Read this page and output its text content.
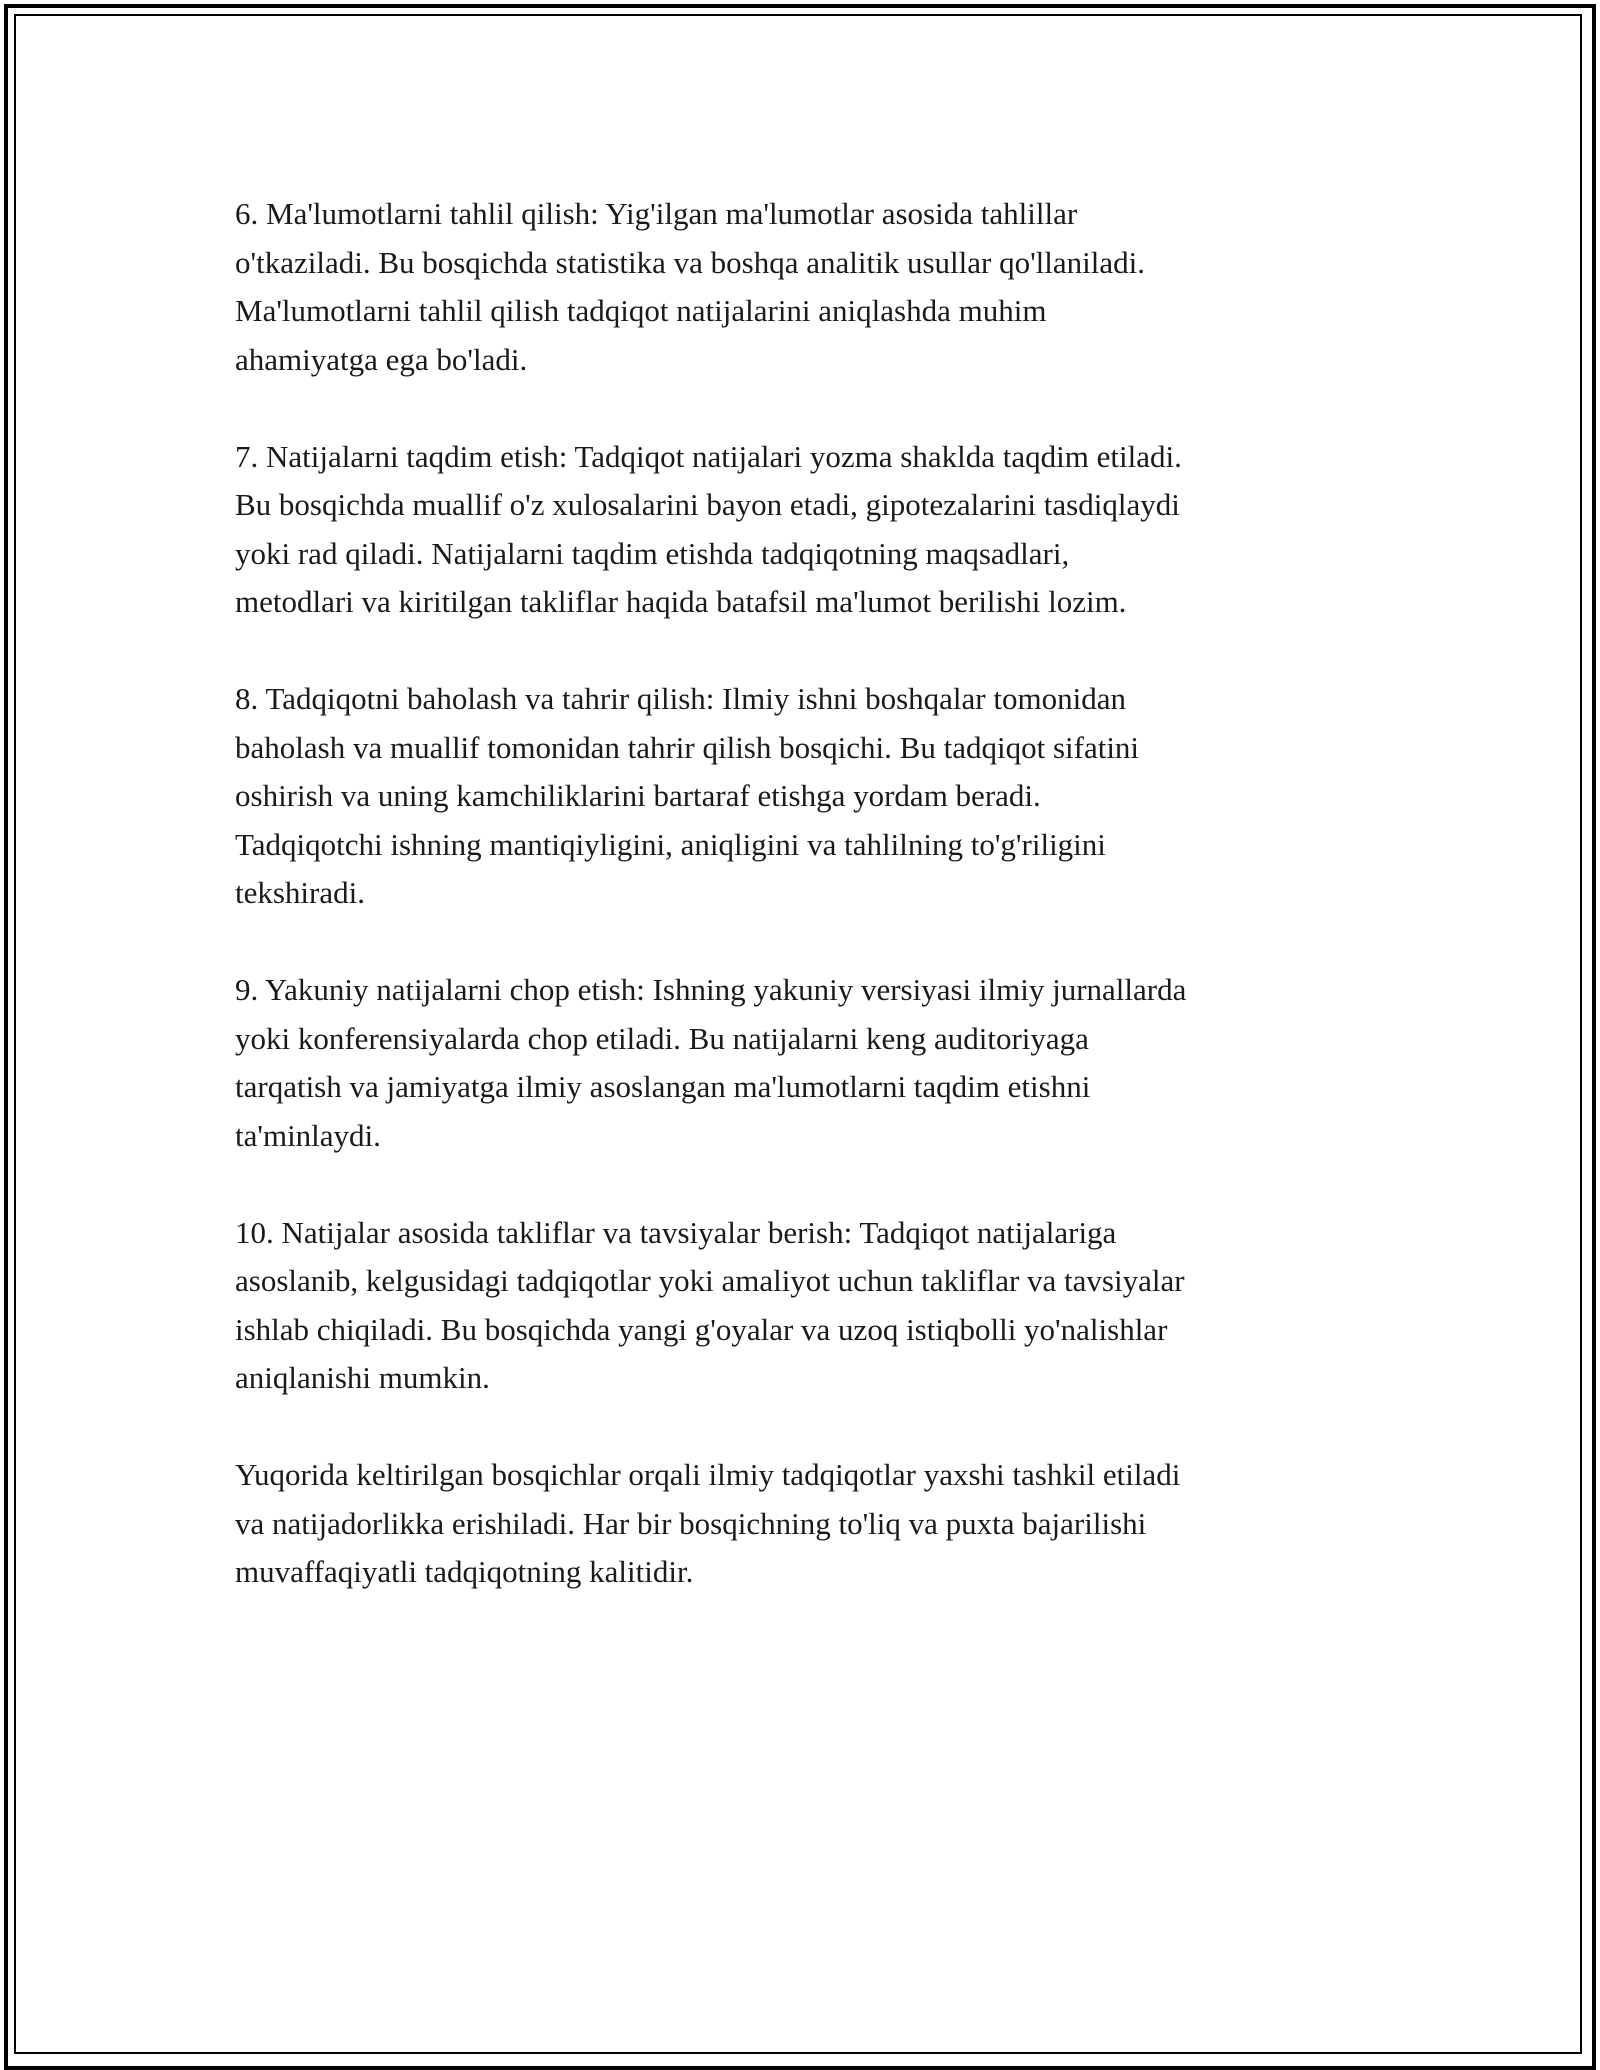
6. Ma'lumotlarni tahlil qilish: Yig'ilgan ma'lumotlar asosida tahlillar
o'tkaziladi. Bu bosqichda statistika va boshqa analitik usullar qo'llaniladi.
Ma'lumotlarni tahlil qilish tadqiqot natijalarini aniqlashda muhim
ahamiyatga ega bo'ladi.

7. Natijalarni taqdim etish: Tadqiqot natijalari yozma shaklda taqdim etiladi.
Bu bosqichda muallif o'z xulosalarini bayon etadi, gipotezalarini tasdiqlaydi
yoki rad qiladi. Natijalarni taqdim etishda tadqiqotning maqsadlari,
metodlari va kiritilgan takliflar haqida batafsil ma'lumot berilishi lozim.

8. Tadqiqotni baholash va tahrir qilish: Ilmiy ishni boshqalar tomonidan
baholash va muallif tomonidan tahrir qilish bosqichi. Bu tadqiqot sifatini
oshirish va uning kamchiliklarini bartaraf etishga yordam beradi.
Tadqiqotchi ishning mantiqiyligini, aniqligini va tahlilning to'g'riligini
tekshiradi.

9. Yakuniy natijalarni chop etish: Ishning yakuniy versiyasi ilmiy jurnallarda
yoki konferensiyalarda chop etiladi. Bu natijalarni keng auditoriyaga
tarqatish va jamiyatga ilmiy asoslangan ma'lumotlarni taqdim etishni
ta'minlaydi.

10. Natijalar asosida takliflar va tavsiyalar berish: Tadqiqot natijalariga
asoslanib, kelgusidagi tadqiqotlar yoki amaliyot uchun takliflar va tavsiyalar
ishlab chiqiladi. Bu bosqichda yangi g'oyalar va uzoq istiqbolli yo'nalishlar
aniqlanishi mumkin.

Yuqorida keltirilgan bosqichlar orqali ilmiy tadqiqotlar yaxshi tashkil etiladi
va natijadorlikka erishiladi. Har bir bosqichning to'liq va puxta bajarilishi
muvaffaqiyatli tadqiqotning kalitidir.
